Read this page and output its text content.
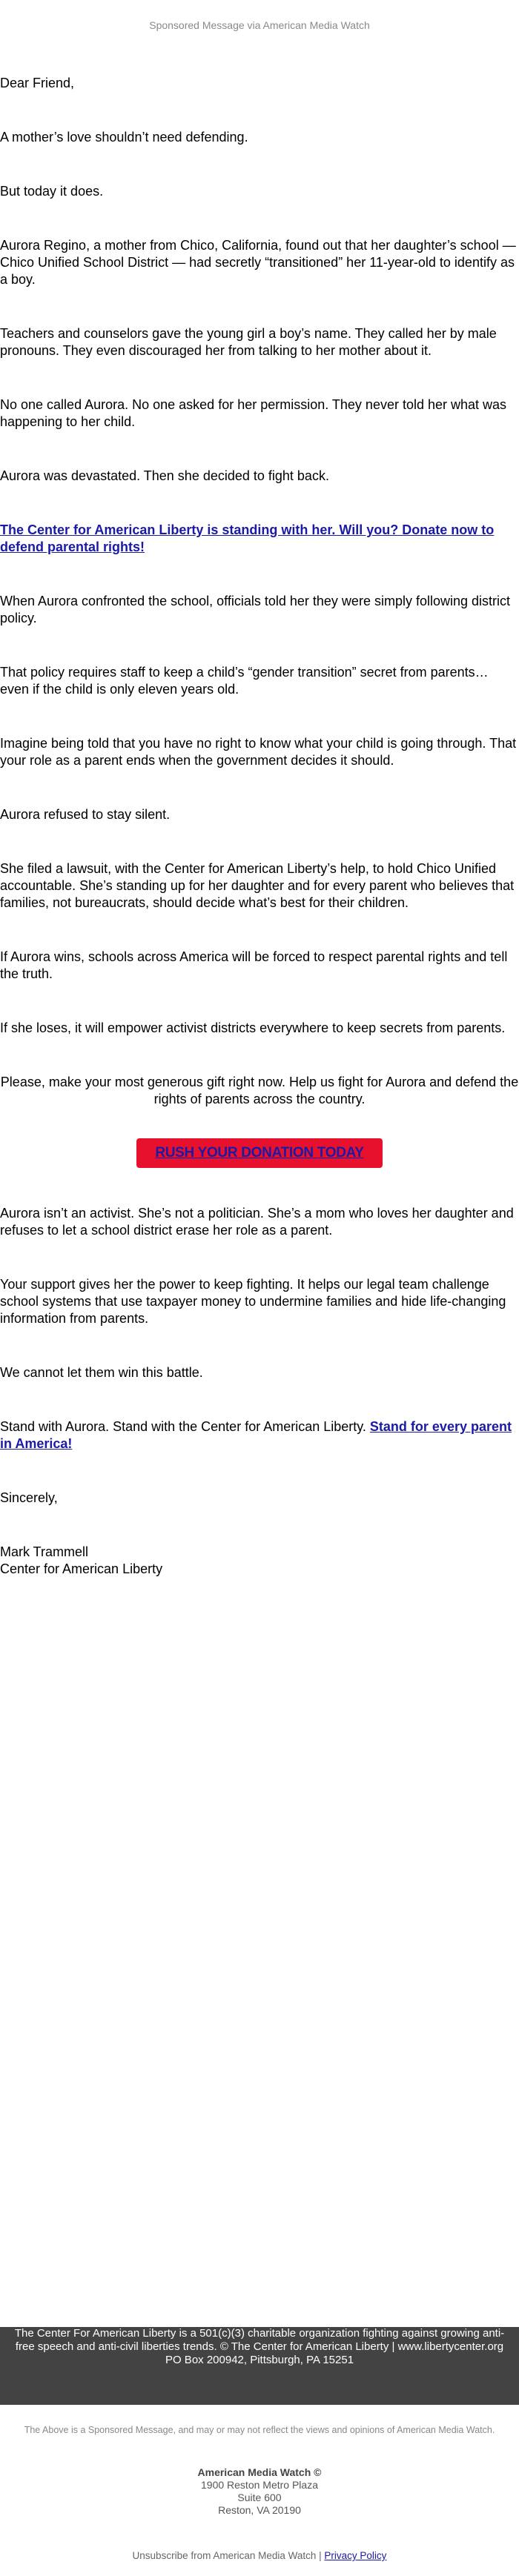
Sponsored Message via American Media Watch

Dear Friend,

A mother’s love shouldn’t need defending.

But today it does.

Aurora Regino, a mother from Chico, California, found out that her daughter’s school — Chico Unified School District — had secretly “transitioned” her 11-year-old to identify as a boy.

Teachers and counselors gave the young girl a boy’s name. They called her by male pronouns. They even discouraged her from talking to her mother about it.

No one called Aurora. No one asked for her permission. They never told her what was happening to her child.

Aurora was devastated. Then she decided to fight back.

The Center for American Liberty is standing with her. Will you? Donate now to defend parental rights!

When Aurora confronted the school, officials told her they were simply following district policy.

That policy requires staff to keep a child’s “gender transition” secret from parents… even if the child is only eleven years old.

Imagine being told that you have no right to know what your child is going through. That your role as a parent ends when the government decides it should.

Aurora refused to stay silent.

She filed a lawsuit, with the Center for American Liberty’s help, to hold Chico Unified accountable. She’s standing up for her daughter and for every parent who believes that families, not bureaucrats, should decide what’s best for their children.

If Aurora wins, schools across America will be forced to respect parental rights and tell the truth.

If she loses, it will empower activist districts everywhere to keep secrets from parents.

Please, make your most generous gift right now. Help us fight for Aurora and defend the rights of parents across the country.

RUSH YOUR DONATION TODAY

Aurora isn’t an activist. She’s not a politician. She’s a mom who loves her daughter and refuses to let a school district erase her role as a parent.

Your support gives her the power to keep fighting. It helps our legal team challenge school systems that use taxpayer money to undermine families and hide life-changing information from parents.

We cannot let them win this battle.

Stand with Aurora. Stand with the Center for American Liberty. Stand for every parent in America!

Sincerely,

Mark Trammell

Center for American Liberty

The Center For American Liberty is a 501(c)(3) charitable organization fighting against growing anti-free speech and anti-civil liberties trends. © The Center for American Liberty | www.libertycenter.org PO Box 200942, Pittsburgh, PA 15251
The Above is a Sponsored Message, and may or may not reflect the views and opinions of American Media Watch.
American Media Watch ©
1900 Reston Metro Plaza
Suite 600
Reston, VA 20190
Unsubscribe from American Media Watch | Privacy Policy
